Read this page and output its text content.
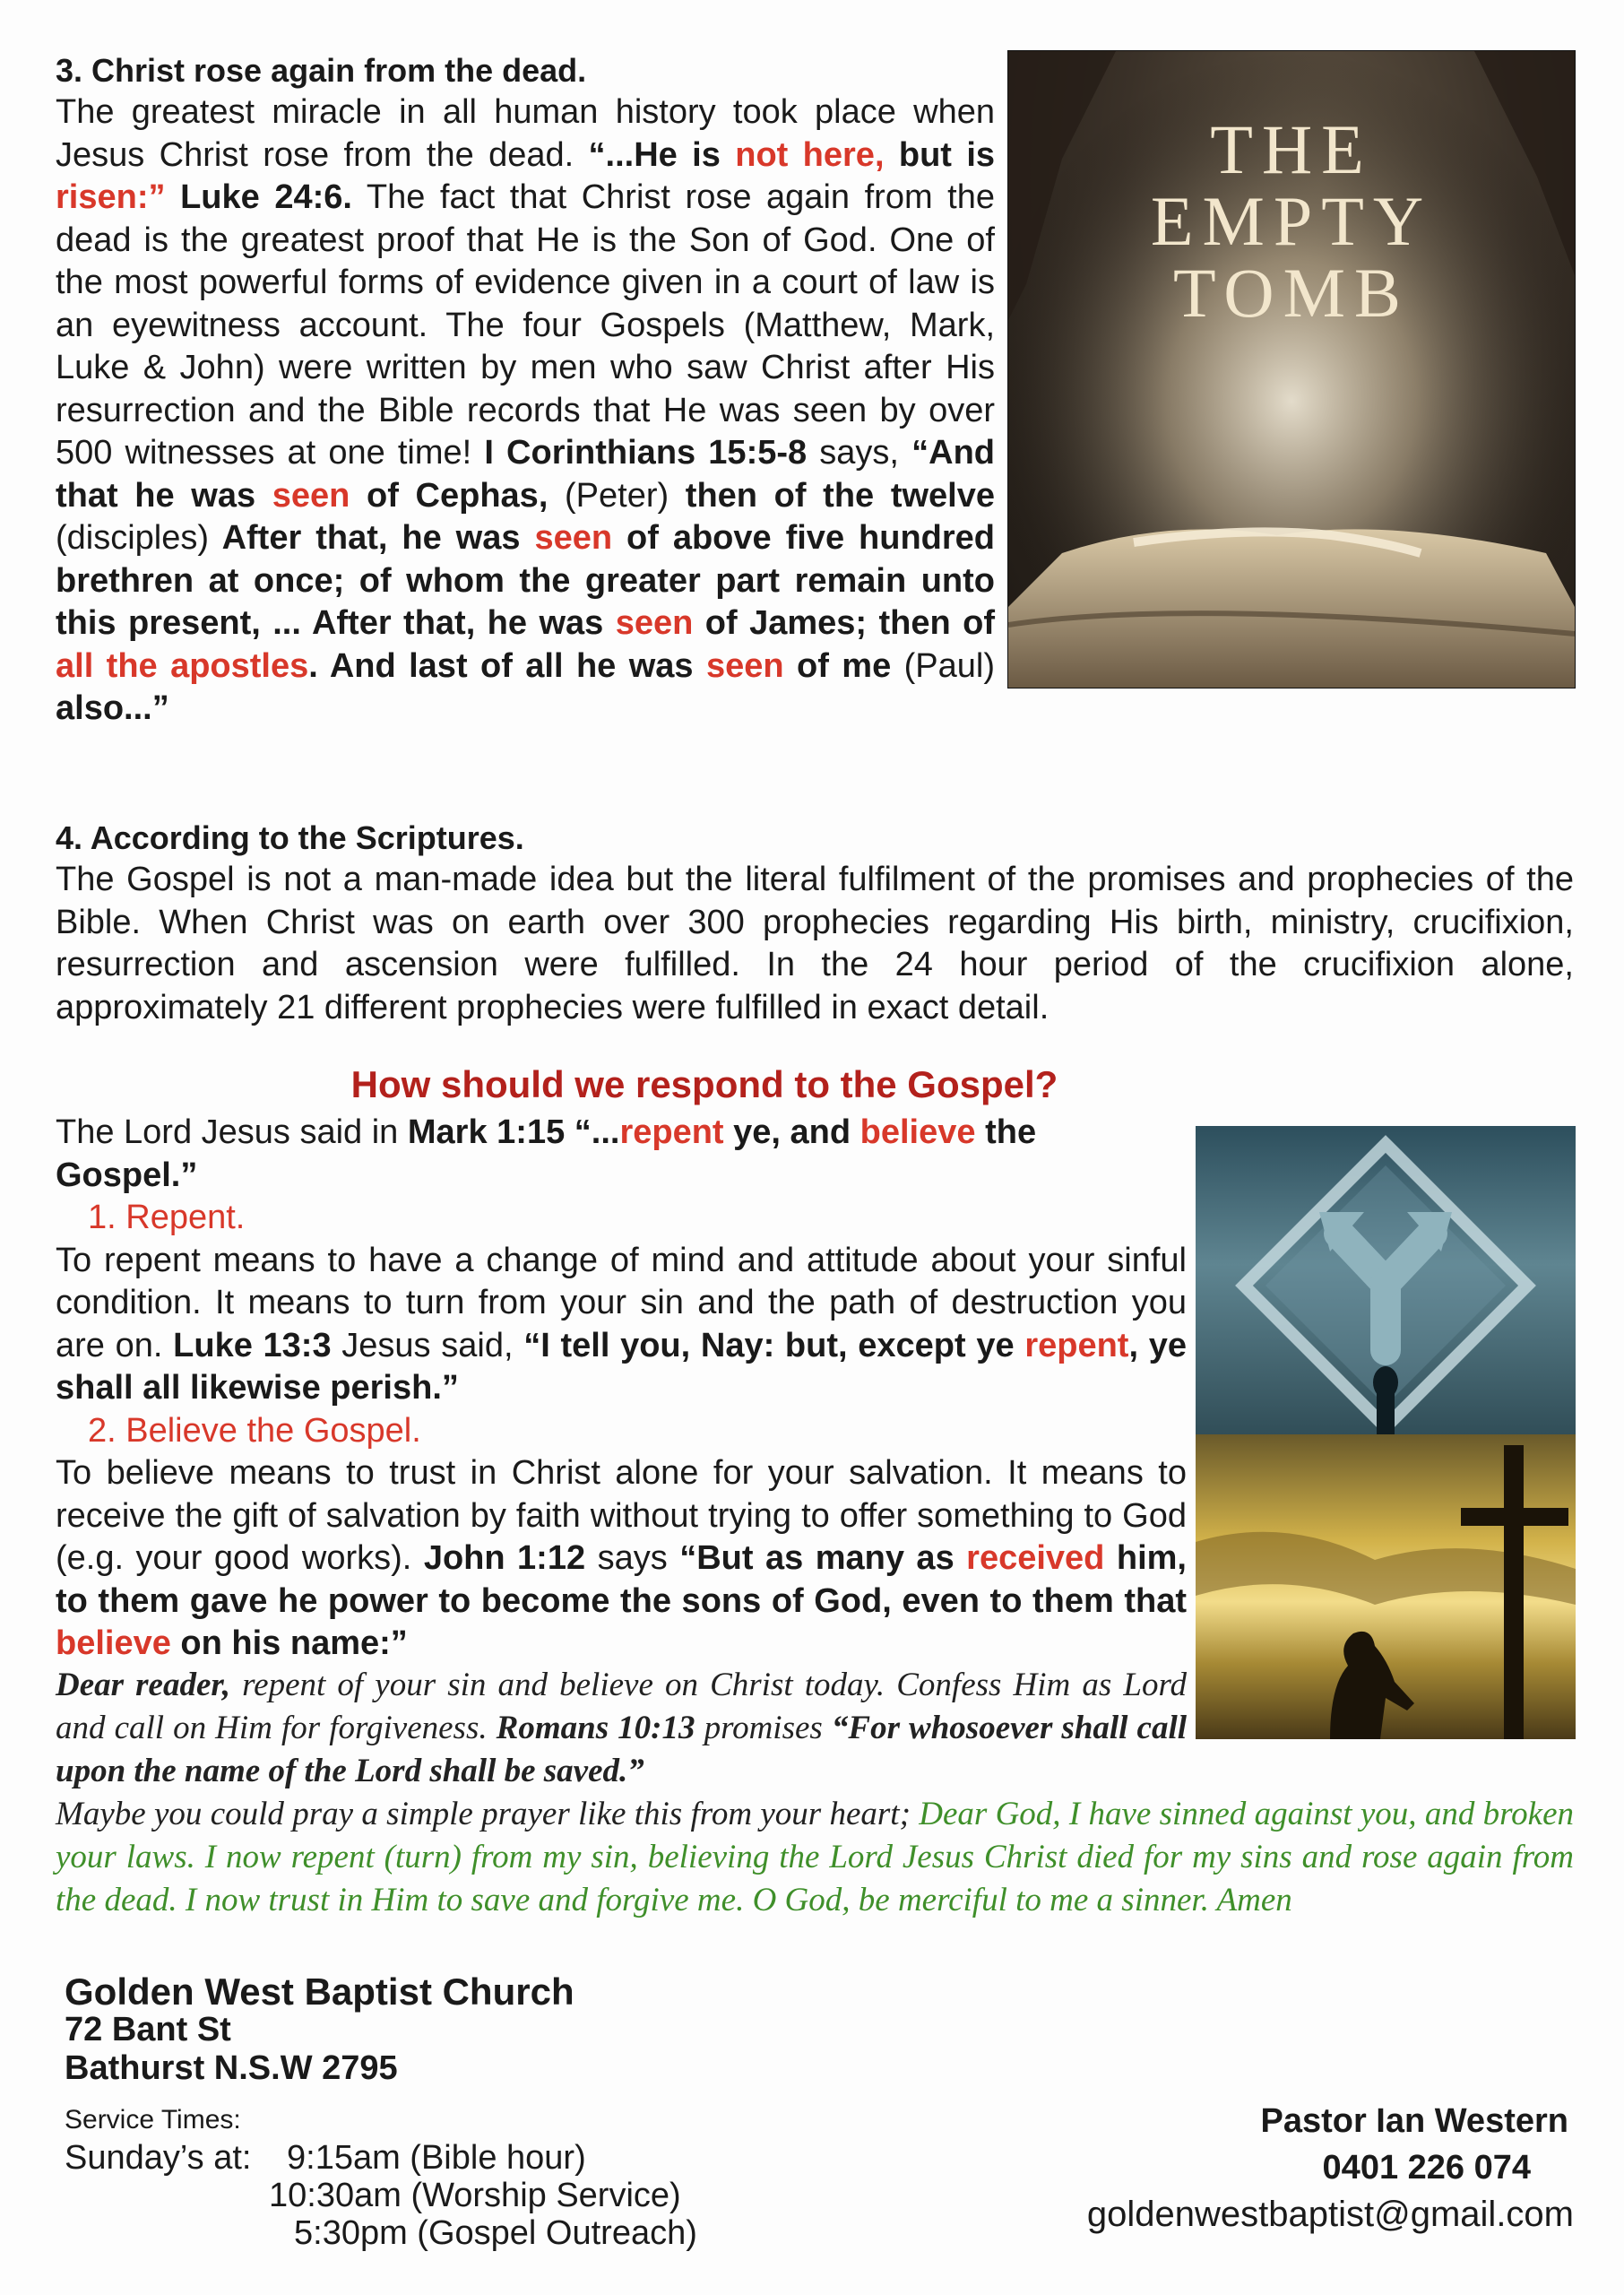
3. Christ rose again from the dead.

The greatest miracle in all human history took place when Jesus Christ rose from the dead. “...He is not here, but is risen:” Luke 24:6. The fact that Christ rose again from the dead is the greatest proof that He is the Son of God. One of the most powerful forms of evidence given in a court of law is an eyewitness account. The four Gospels (Matthew, Mark, Luke & John) were written by men who saw Christ after His resurrection and the Bible records that He was seen by over 500 witnesses at one time! I Corinthians 15:5-8 says, “And that he was seen of Cephas, (Peter) then of the twelve (disciples) After that, he was seen of above five hundred brethren at once; of whom the greater part remain unto this present, ... After that, he was seen of James; then of all the apostles. And last of all he was seen of me (Paul) also...”
THE
EMPTY
TOMB

4. According to the Scriptures.

The Gospel is not a man-made idea but the literal fulfilment of the promises and prophecies of the Bible. When Christ was on earth over 300 prophecies regarding His birth, ministry, crucifixion, resurrection and ascension were fulfilled. In the 24 hour period of the crucifixion alone, approximately 21 different prophecies were fulfilled in exact detail.
How should we respond to the Gospel?
The Lord Jesus said in Mark 1:15 “...repent ye, and believe the Gospel.”
1. Repent.
To repent means to have a change of mind and attitude about your sinful condition. It means to turn from your sin and the path of destruction you are on. Luke 13:3 Jesus said, “I tell you, Nay: but, except ye repent, ye shall all likewise perish.”
2. Believe the Gospel.
To believe means to trust in Christ alone for your salvation. It means to receive the gift of salvation by faith without trying to offer something to God (e.g. your good works). John 1:12 says “But as many as received him, to them gave he power to become the sons of God, even to them that believe on his name:”
Dear reader, repent of your sin and believe on Christ today. Confess Him as Lord and call on Him for forgiveness. Romans 10:13 promises “For whosoever shall call upon the name of the Lord shall be saved.”
Maybe you could pray a simple prayer like this from your heart; Dear God, I have sinned against you, and broken your laws. I now repent (turn) from my sin, believing the Lord Jesus Christ died for my sins and rose again from the dead. I now trust in Him to save and forgive me. O God, be merciful to me a sinner. Amen
Golden West Baptist Church
72 Bant St
Bathurst N.S.W 2795
Service Times:
Sunday’s at:	9:15am (Bible hour)
10:30am (Worship Service)
5:30pm (Gospel Outreach)
Pastor Ian Western
0401 226 074
goldenwestbaptist@gmail.com
